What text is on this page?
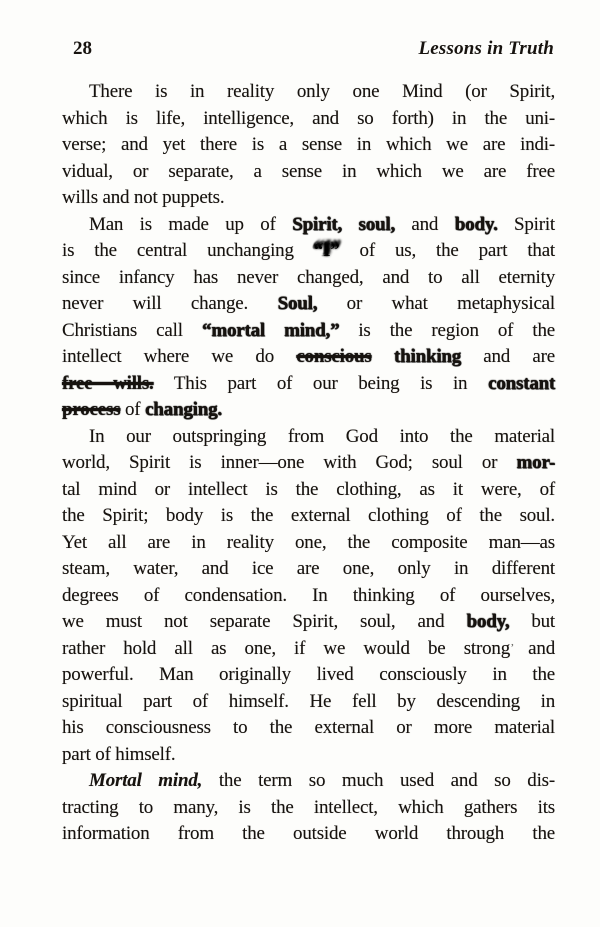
28	Lessons in Truth
There is in reality only one Mind (or Spirit,
which is life, intelligence, and so forth) in the uni-
verse; and yet there is a sense in which we are indi-
vidual, or separate, a sense in which we are free
wills and not puppets.
Man is made up of Spirit, soul, and body. Spirit
is the central unchanging “I” of us, the part that
since infancy has never changed, and to all eternity
never will change. Soul, or what metaphysical
Christians call “mortal mind,” is the region of the
intellect where we do conscious thinking and are
free wills. This part of our being is in constant
process of changing.
In our outspringing from God into the material
world, Spirit is inner—one with God; soul or mor-
tal mind or intellect is the clothing, as it were, of
the Spirit; body is the external clothing of the soul.
Yet all are in reality one, the composite man—as
steam, water, and ice are one, only in different
degrees of condensation. In thinking of ourselves,
we must not separate Spirit, soul, and body, but
rather hold all as one, if we would be strong ’ and
powerful. Man originally lived consciously in the
spiritual part of himself. He fell by descending in
his consciousness to the external or more material
part of himself.
Mortal mind, the term so much used and so dis-
tracting to many, is the intellect, which gathers its
information from the outside world through the
